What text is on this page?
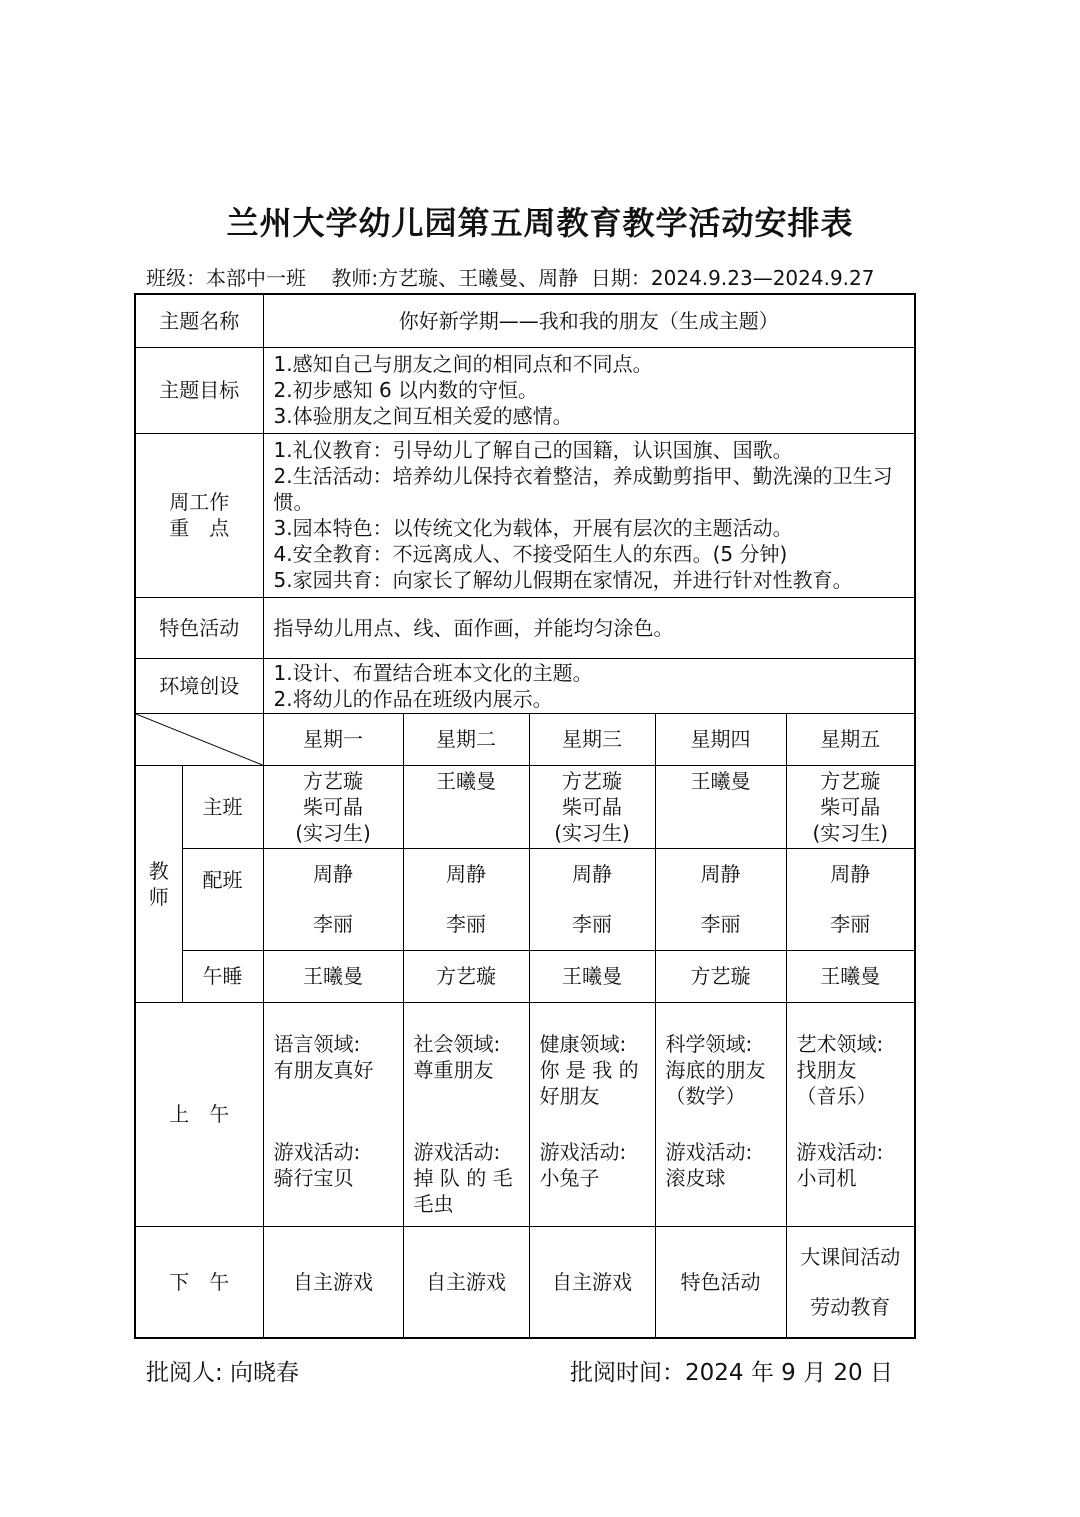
兰州大学幼儿园第五周教育教学活动安排表
班级：本部中一班 教师:方艺璇、王曦曼、周静 日期：2024.9.23—2024.9.27
主题名称		你好新学期——我和我的朋友（生成主题）				
主题目标		1.感知自己与朋友之间的相同点和不同点。
2.初步感知 6 以内数的守恒。
3.体验朋友之间互相关爱的感情。				

周工作
重　点		1.礼仪教育：引导幼儿了解自己的国籍，认识国旗、国歌。
2.生活活动：培养幼儿保持衣着整洁，养成勤剪指甲、勤洗澡的卫生习惯。
3.园本特色：以传统文化为载体，开展有层次的主题活动。
4.安全教育：不远离成人、不接受陌生人的东西。(5 分钟)
5.家园共育：向家长了解幼儿假期在家情况，并进行针对性教育。				

特色活动		指导幼儿用点、线、面作画，并能均匀涂色。				
环境创设		1.设计、布置结合班本文化的主题。
2.将幼儿的作品在班级内展示。				

	星期一	星期二	星期三	星期四	星期五

教
师	主班	方艺璇
柴可晶
(实习生)	王曦曼	方艺璇
柴可晶
(实习生)	王曦曼	方艺璇
柴可晶
(实习生)

	配班	周静
李丽	周静
李丽	周静
李丽	周静
李丽	周静
李丽

	午睡	王曦曼	方艺璇	王曦曼	方艺璇	王曦曼
上　午		语言领域:
有朋友真好
游戏活动:
骑行宝贝	社会领域:
尊重朋友
游戏活动:
掉 队 的 毛
毛虫	健康领域:
你 是 我 的
好朋友
游戏活动:
小兔子	科学领域:
海底的朋友
（数学）
游戏活动:
滚皮球	艺术领域:
找朋友
（音乐）
游戏活动:
小司机

下　午		自主游戏	自主游戏	自主游戏	特色活动	大课间活动
劳动教育
批阅人: 向晓春	批阅时间：2024 年 9 月 20 日
